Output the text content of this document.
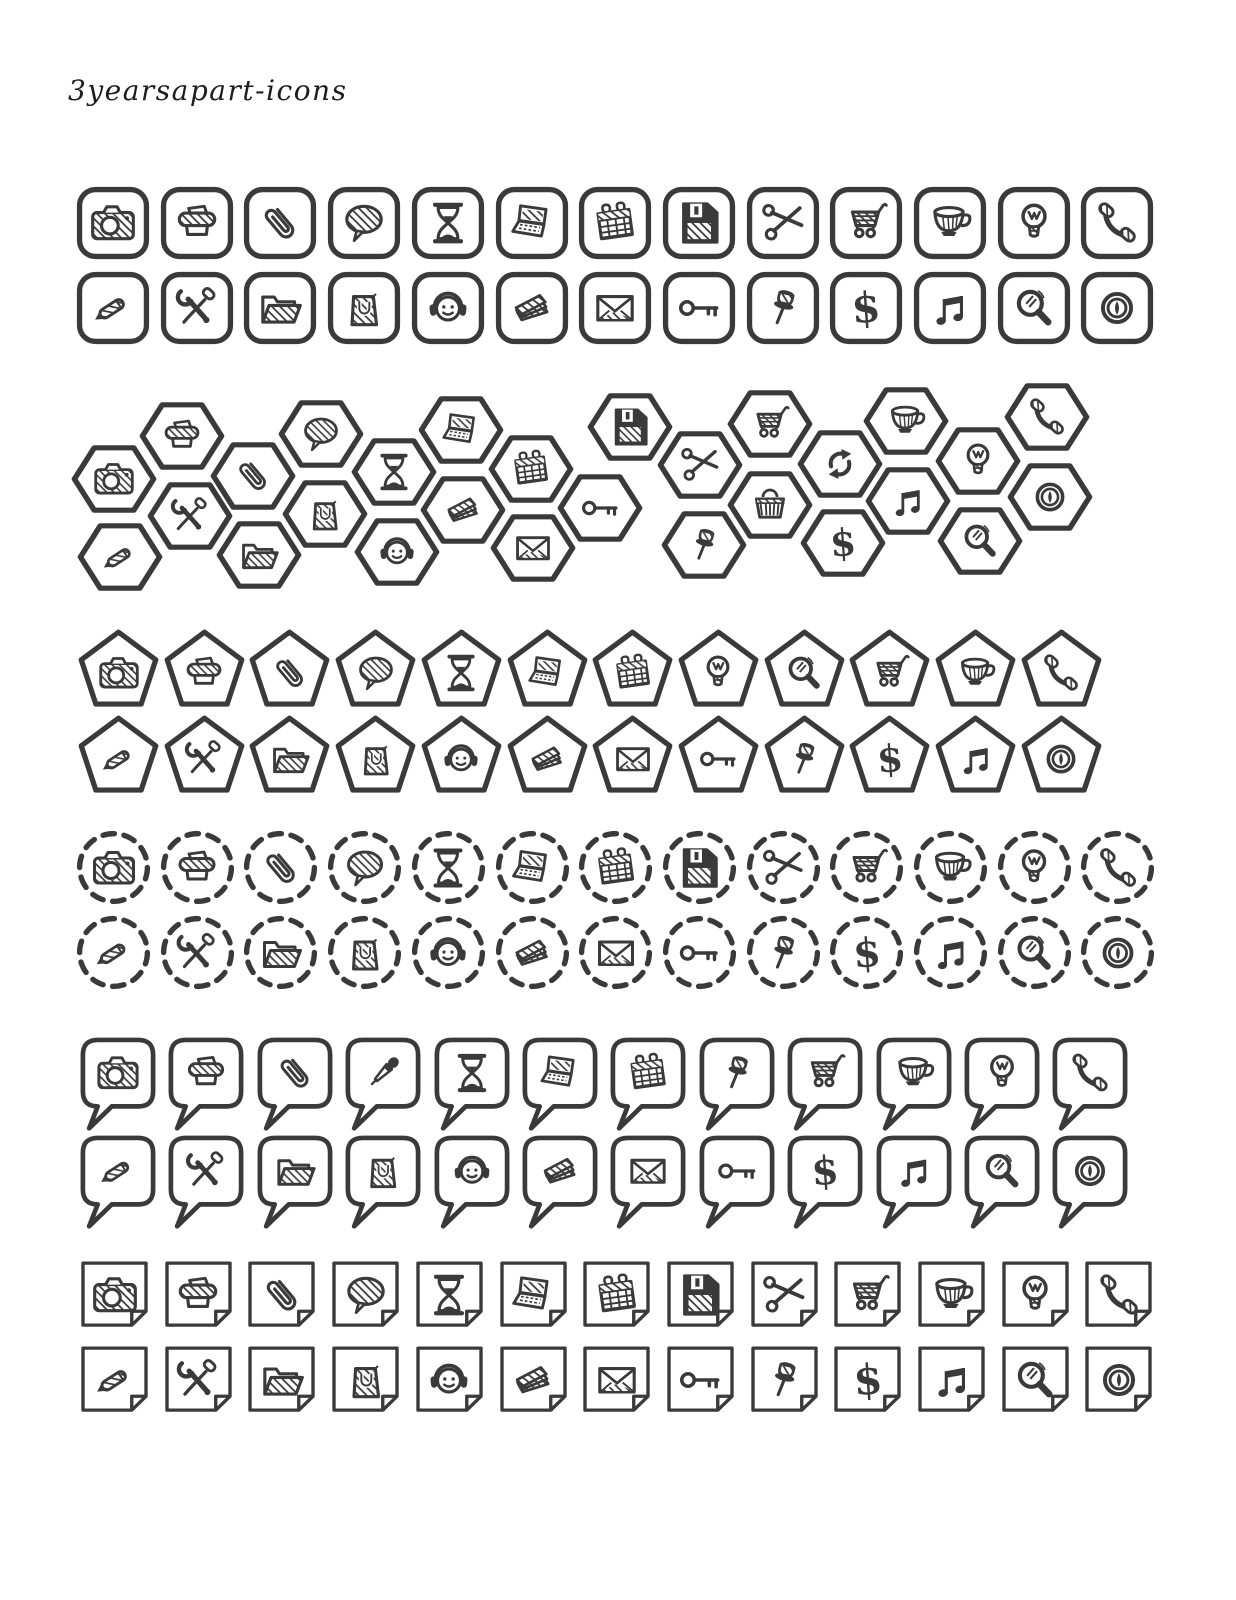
3yearsapart-icons
